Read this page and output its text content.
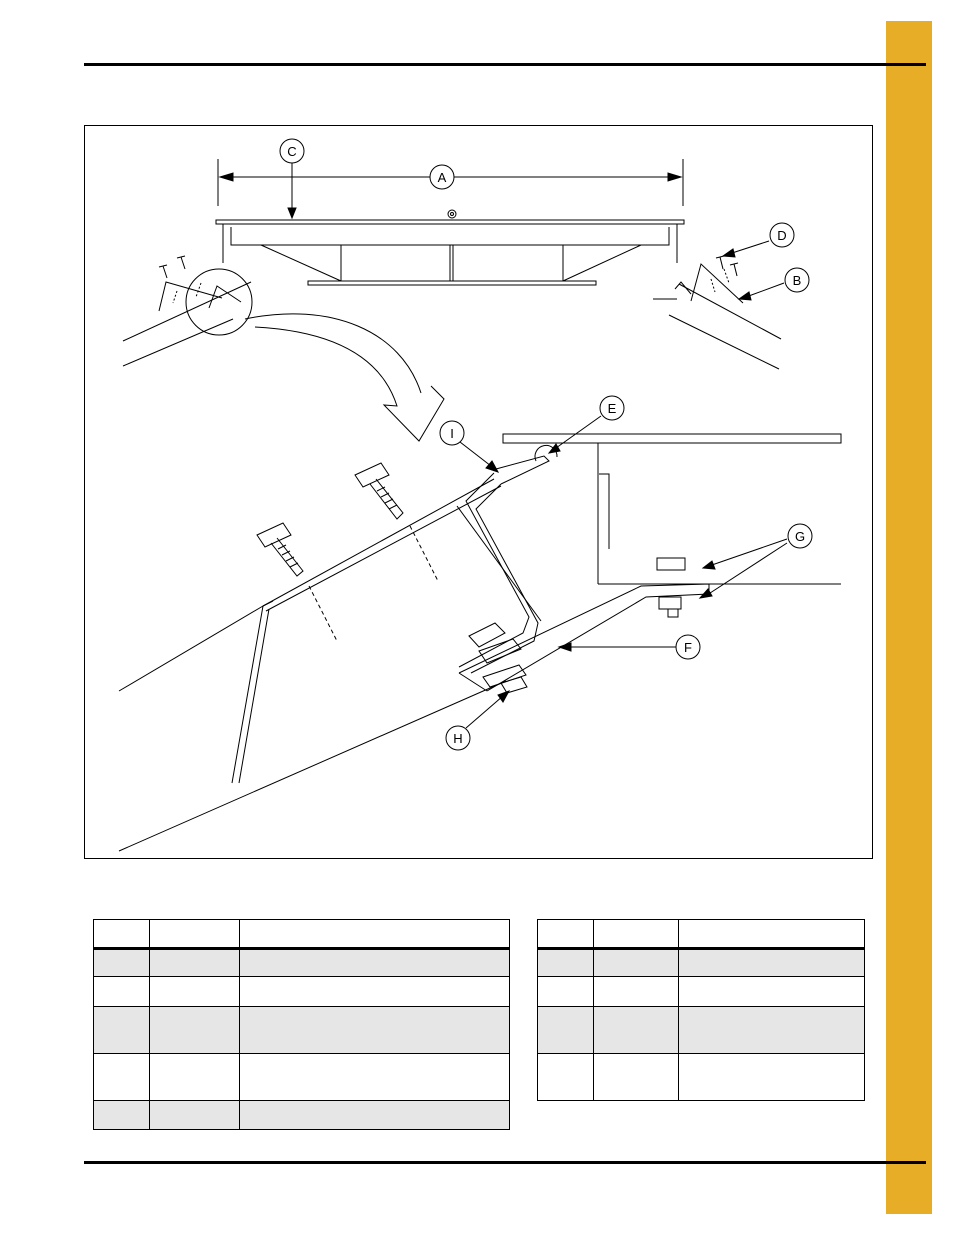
C
A
D
B
E
I
G
F
H
